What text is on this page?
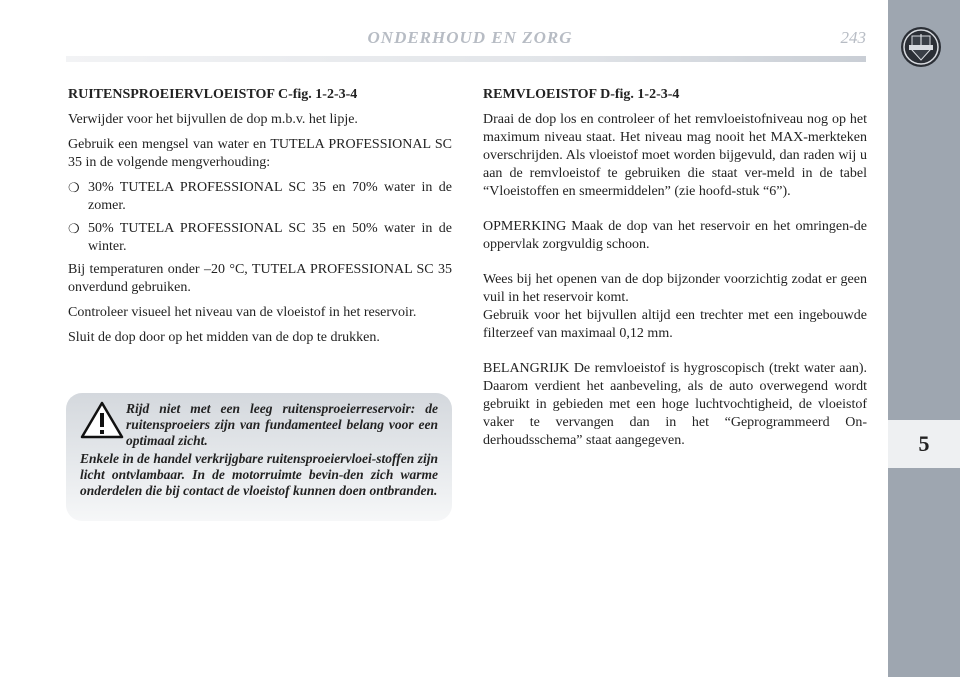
ONDERHOUD EN ZORG	243
5

RUITENSPROEIERVLOEISTOF C-fig. 1-2-3-4

Verwijder voor het bijvullen de dop m.b.v. het lipje.

Gebruik een mengsel van water en TUTELA PROFESSIONAL SC 35 in de volgende mengverhouding:

❍ 30% TUTELA PROFESSIONAL SC 35 en 70% water in de zomer.
❍ 50% TUTELA PROFESSIONAL SC 35 en 50% water in de winter.

Bij temperaturen onder –20 °C, TUTELA PROFESSIONAL SC 35 onverdund gebruiken.

Controleer visueel het niveau van de vloeistof in het reservoir.

Sluit de dop door op het midden van de dop te drukken.

Rijd niet met een leeg ruitensproeierreservoir: de ruitensproeiers zijn van fundamenteel belang voor een optimaal zicht.

Enkele in de handel verkrijgbare ruitensproeiervloei-stoffen zijn licht ontvlambaar. In de motorruimte bevin-den zich warme onderdelen die bij contact de vloeistof kunnen doen ontbranden.

REMVLOEISTOF D-fig. 1-2-3-4

Draai de dop los en controleer of het remvloeistofniveau nog op het maximum niveau staat. Het niveau mag nooit het MAX-merkteken overschrijden. Als vloeistof moet worden bijgevuld, dan raden wij u aan de remvloeistof te gebruiken die staat ver-meld in de tabel “Vloeistoffen en smeermiddelen” (zie hoofd-stuk “6”).

OPMERKING Maak de dop van het reservoir en het omringen-de oppervlak zorgvuldig schoon.

Wees bij het openen van de dop bijzonder voorzichtig zodat er geen vuil in het reservoir komt.

Gebruik voor het bijvullen altijd een trechter met een ingebouwde filterzeef van maximaal 0,12 mm.

BELANGRIJK De remvloeistof is hygroscopisch (trekt water aan). Daarom verdient het aanbeveling, als de auto overwegend wordt gebruikt in gebieden met een hoge luchtvochtigheid, de vloeistof vaker te vervangen dan in het “Geprogrammeerd On-derhoudsschema” staat aangegeven.
